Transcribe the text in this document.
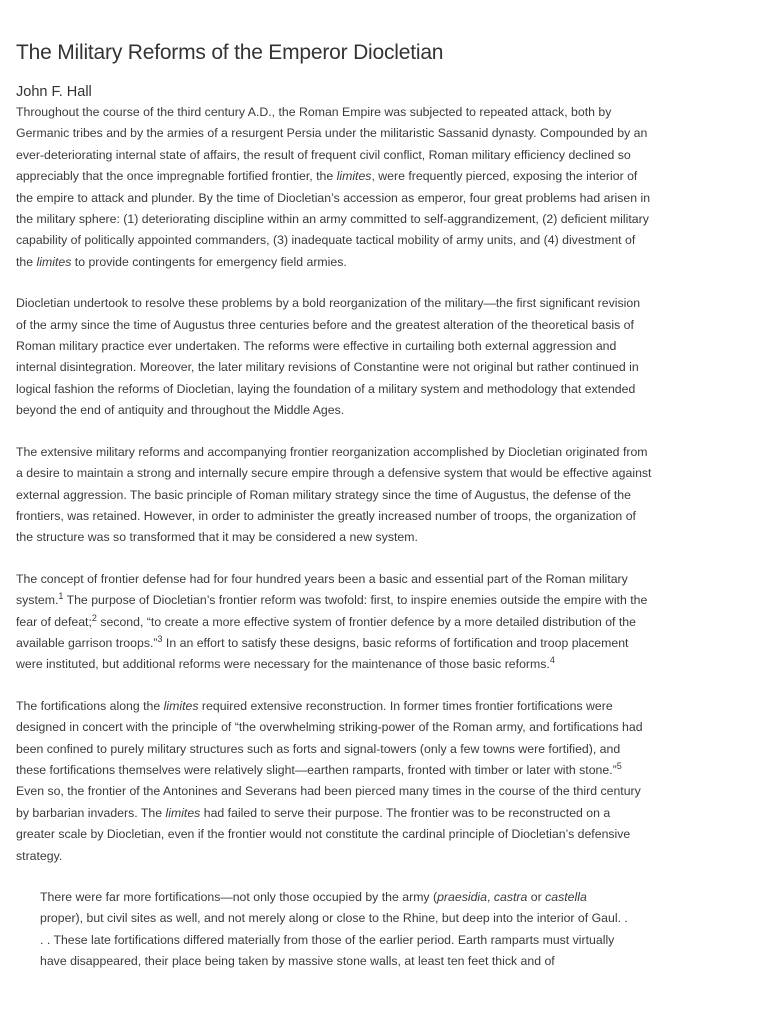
The Military Reforms of the Emperor Diocletian
John F. Hall

Throughout the course of the third century A.D., the Roman Empire was subjected to repeated attack, both by Germanic tribes and by the armies of a resurgent Persia under the militaristic Sassanid dynasty. Compounded by an ever-deteriorating internal state of affairs, the result of frequent civil conflict, Roman military efficiency declined so appreciably that the once impregnable fortified frontier, the limites, were frequently pierced, exposing the interior of the empire to attack and plunder. By the time of Diocletian’s accession as emperor, four great problems had arisen in the military sphere: (1) deteriorating discipline within an army committed to self-aggrandizement, (2) deficient military capability of politically appointed commanders, (3) inadequate tactical mobility of army units, and (4) divestment of the limites to provide contingents for emergency field armies.

Diocletian undertook to resolve these problems by a bold reorganization of the military—the first significant revision of the army since the time of Augustus three centuries before and the greatest alteration of the theoretical basis of Roman military practice ever undertaken. The reforms were effective in curtailing both external aggression and internal disintegration. Moreover, the later military revisions of Constantine were not original but rather continued in logical fashion the reforms of Diocletian, laying the foundation of a military system and methodology that extended beyond the end of antiquity and throughout the Middle Ages.

The extensive military reforms and accompanying frontier reorganization accomplished by Diocletian originated from a desire to maintain a strong and internally secure empire through a defensive system that would be effective against external aggression. The basic principle of Roman military strategy since the time of Augustus, the defense of the frontiers, was retained. However, in order to administer the greatly increased number of troops, the organization of the structure was so transformed that it may be considered a new system.

The concept of frontier defense had for four hundred years been a basic and essential part of the Roman military system.$^1$ The purpose of Diocletian’s frontier reform was twofold: first, to inspire enemies outside the empire with the fear of defeat;$^2$ second, “to create a more effective system of frontier defence by a more detailed distribution of the available garrison troops.”$^3$ In an effort to satisfy these designs, basic reforms of fortification and troop placement were instituted, but additional reforms were necessary for the maintenance of those basic reforms.$^4$

The fortifications along the limites required extensive reconstruction. In former times frontier fortifications were designed in concert with the principle of “the overwhelming striking-power of the Roman army, and fortifications had been confined to purely military structures such as forts and signal-towers (only a few towns were fortified), and these fortifications themselves were relatively slight—earthen ramparts, fronted with timber or later with stone.”$^5$ Even so, the frontier of the Antonines and Severans had been pierced many times in the course of the third century by barbarian invaders. The limites had failed to serve their purpose. The frontier was to be reconstructed on a greater scale by Diocletian, even if the frontier would not constitute the cardinal principle of Diocletian’s defensive strategy.

There were far more fortifications—not only those occupied by the army (praesidia, castra or castella proper), but civil sites as well, and not merely along or close to the Rhine, but deep into the interior of Gaul. . . . These late fortifications differed materially from those of the earlier period. Earth ramparts must virtually have disappeared, their place being taken by massive stone walls, at least ten feet thick and of
